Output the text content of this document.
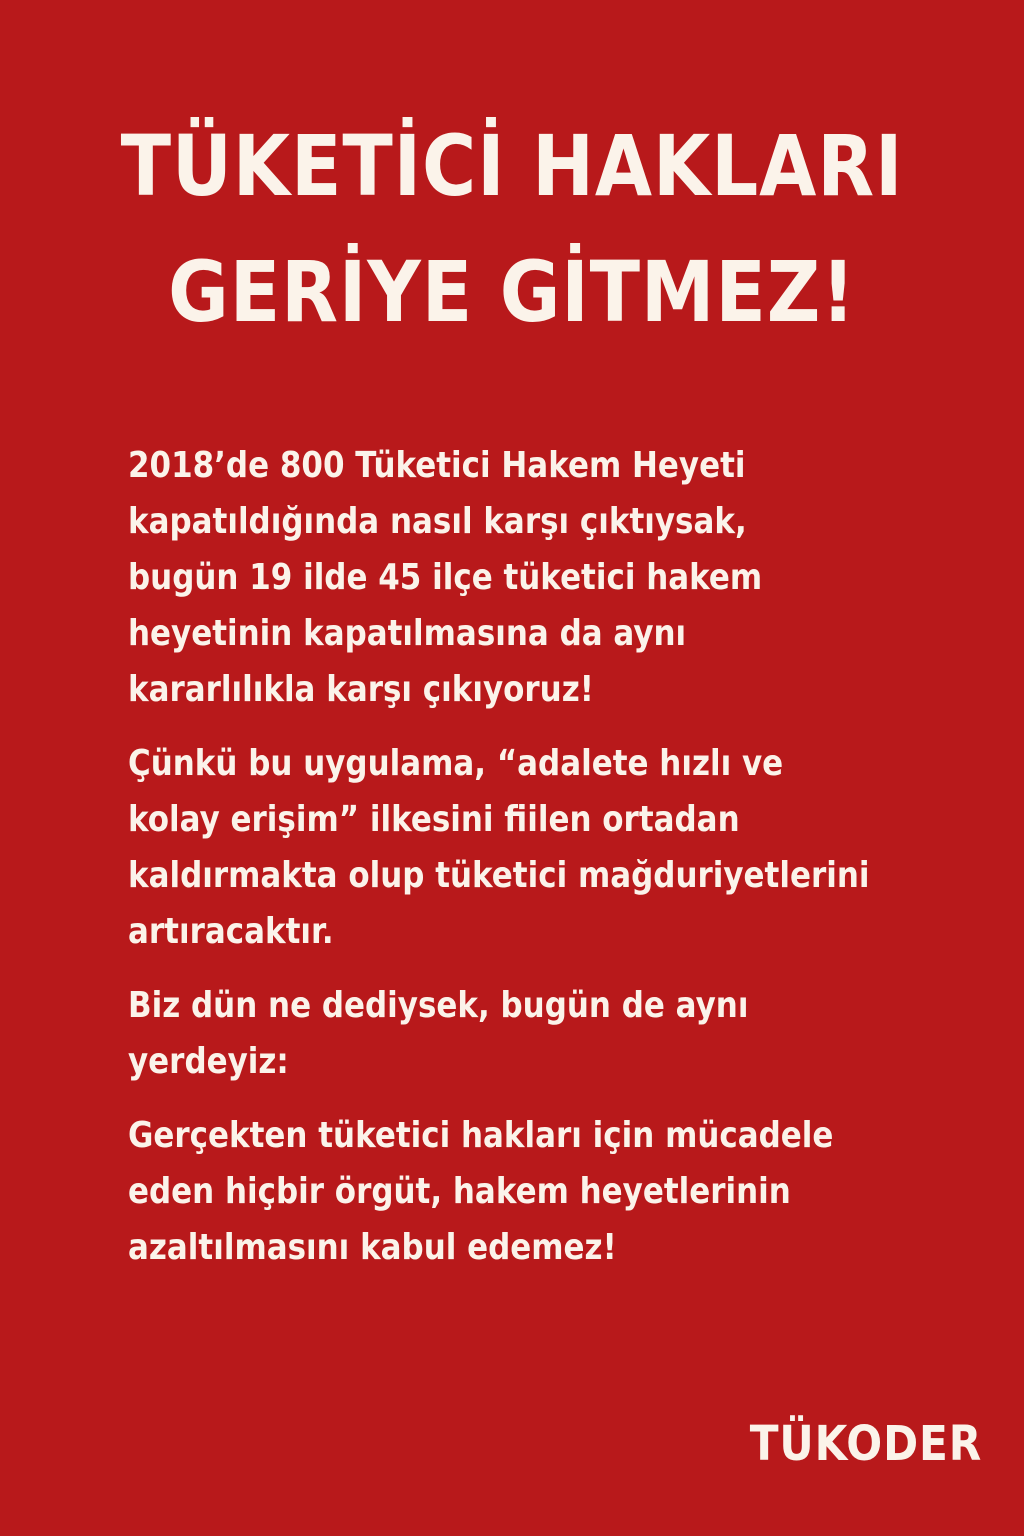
TÜKETİCİ HAKLARI
GERİYE GİTMEZ!
2018’de 800 Tüketici Hakem Heyeti
kapatıldığında nasıl karşı çıktıysak,
bugün 19 ilde 45 ilçe tüketici hakem
heyetinin kapatılmasına da aynı
kararlılıkla karşı çıkıyoruz!
Çünkü bu uygulama, “adalete hızlı ve
kolay erişim” ilkesini fiilen ortadan
kaldırmakta olup tüketici mağduriyetlerini
artıracaktır.
Biz dün ne dediysek, bugün de aynı
yerdeyiz:
Gerçekten tüketici hakları için mücadele
eden hiçbir örgüt, hakem heyetlerinin
azaltılmasını kabul edemez!
TÜKODER
